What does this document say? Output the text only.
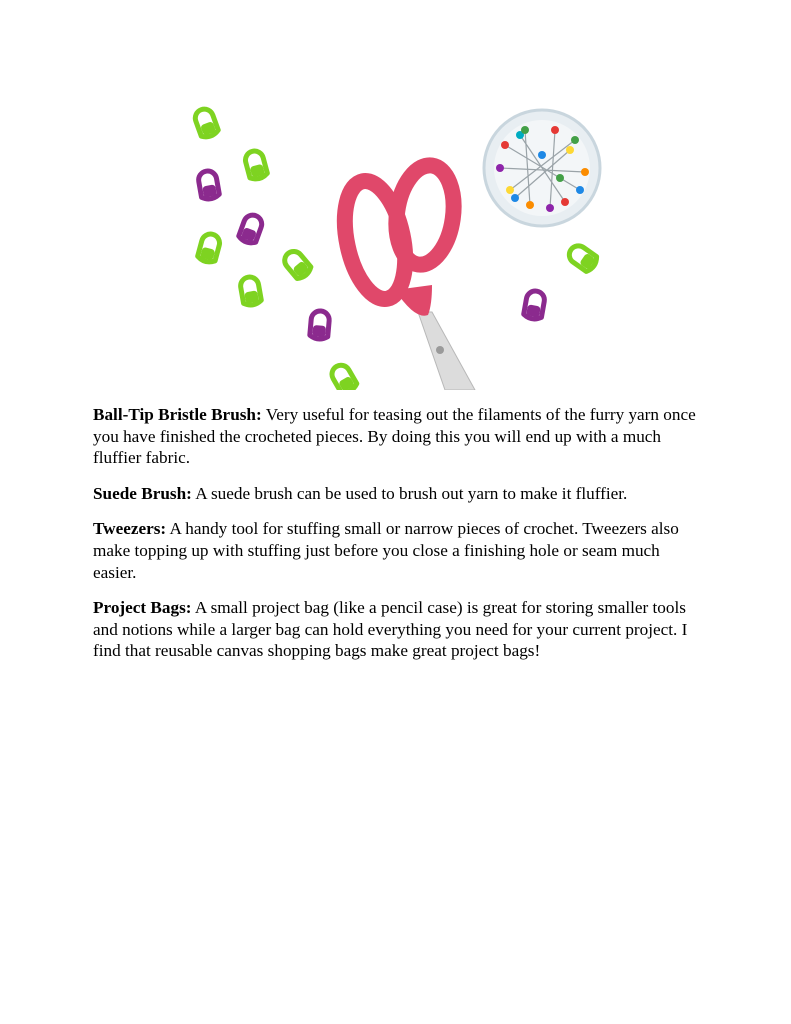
Ball-Tip Bristle Brush: Very useful for teasing out the filaments of the furry yarn once you have finished the crocheted pieces. By doing this you will end up with a much fluffier fabric.

Suede Brush: A suede brush can be used to brush out yarn to make it fluffier.

Tweezers: A handy tool for stuffing small or narrow pieces of crochet. Tweezers also make topping up with stuffing just before you close a finishing hole or seam much easier.

Project Bags: A small project bag (like a pencil case) is great for storing smaller tools and notions while a larger bag can hold everything you need for your current project. I find that reusable canvas shopping bags make great project bags!
